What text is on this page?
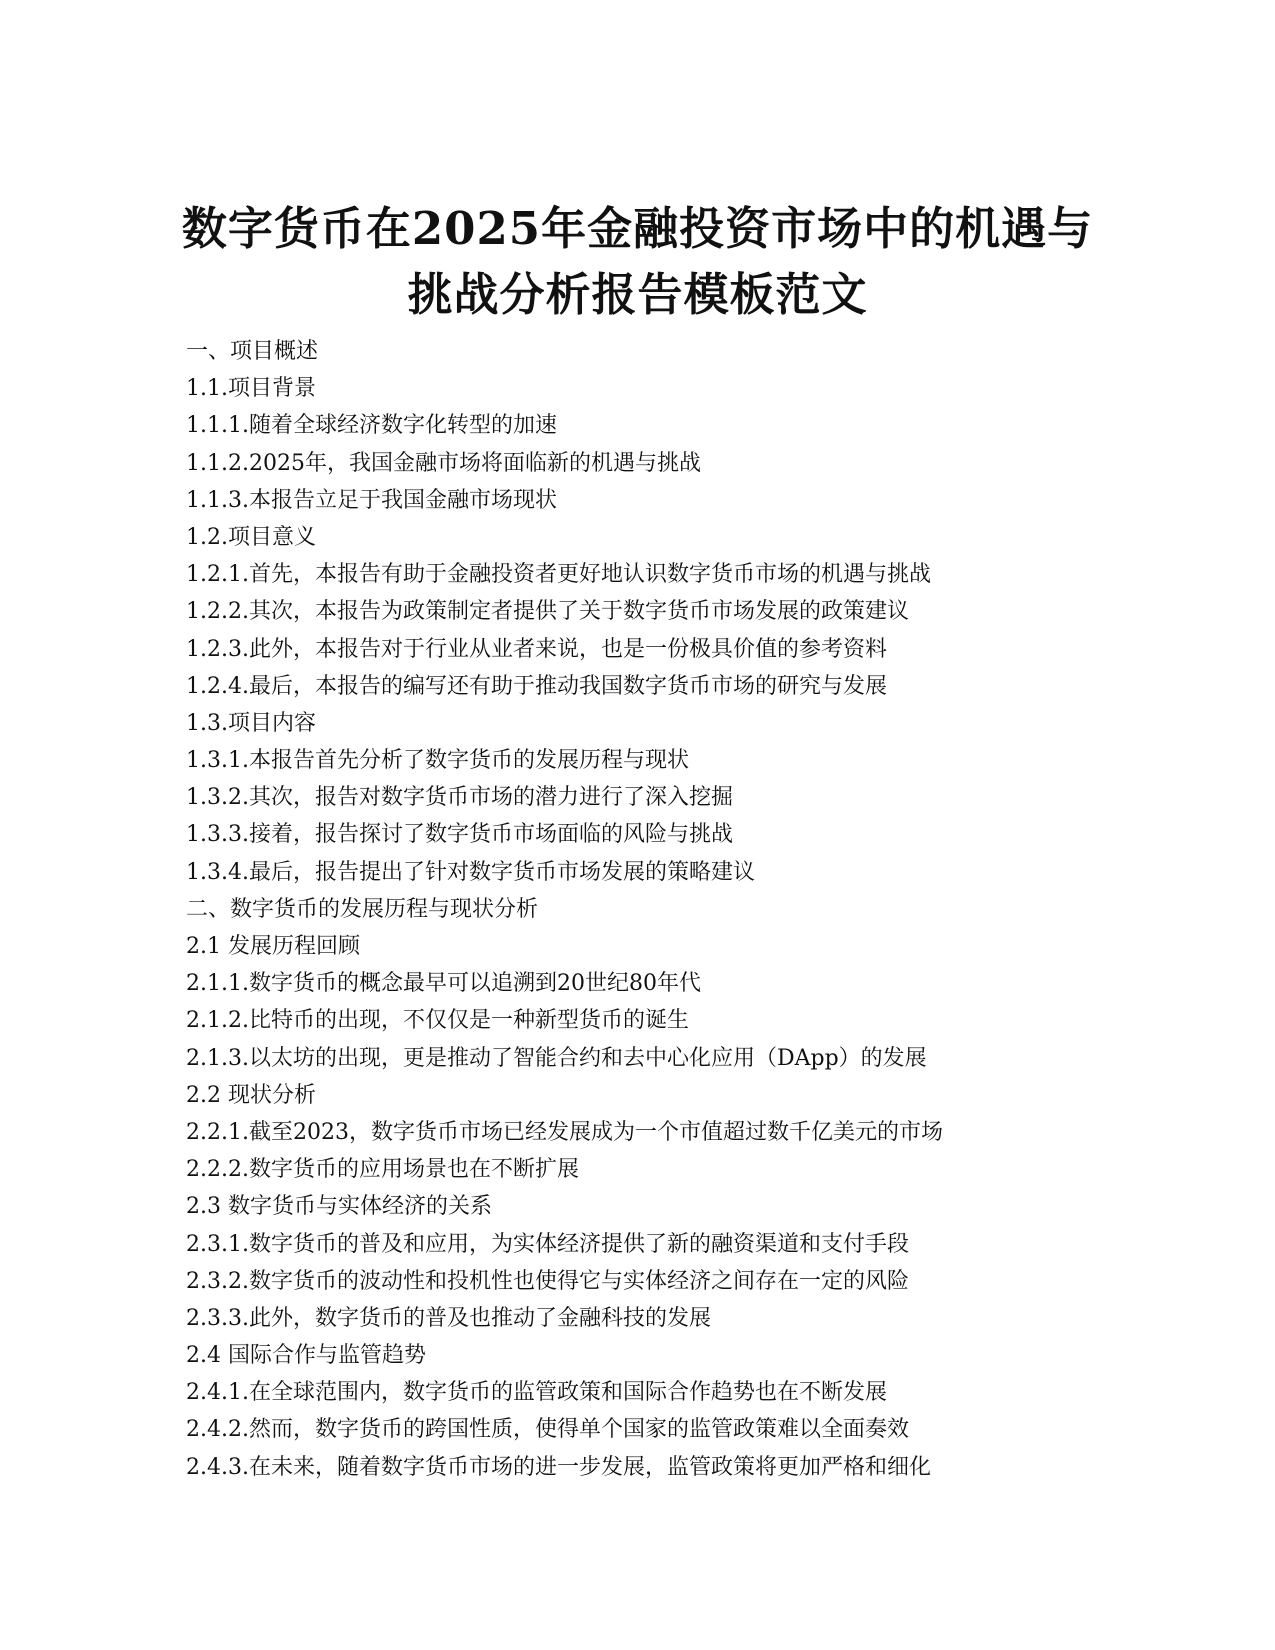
数字货币在2025年金融投资市场中的机遇与
挑战分析报告模板范文
一、项目概述
1.1.项目背景
1.1.1.随着全球经济数字化转型的加速
1.1.2.2025年，我国金融市场将面临新的机遇与挑战
1.1.3.本报告立足于我国金融市场现状
1.2.项目意义
1.2.1.首先，本报告有助于金融投资者更好地认识数字货币市场的机遇与挑战
1.2.2.其次，本报告为政策制定者提供了关于数字货币市场发展的政策建议
1.2.3.此外，本报告对于行业从业者来说，也是一份极具价值的参考资料
1.2.4.最后，本报告的编写还有助于推动我国数字货币市场的研究与发展
1.3.项目内容
1.3.1.本报告首先分析了数字货币的发展历程与现状
1.3.2.其次，报告对数字货币市场的潜力进行了深入挖掘
1.3.3.接着，报告探讨了数字货币市场面临的风险与挑战
1.3.4.最后，报告提出了针对数字货币市场发展的策略建议
二、数字货币的发展历程与现状分析
2.1 发展历程回顾
2.1.1.数字货币的概念最早可以追溯到20世纪80年代
2.1.2.比特币的出现，不仅仅是一种新型货币的诞生
2.1.3.以太坊的出现，更是推动了智能合约和去中心化应用（DApp）的发展
2.2 现状分析
2.2.1.截至2023，数字货币市场已经发展成为一个市值超过数千亿美元的市场
2.2.2.数字货币的应用场景也在不断扩展
2.3 数字货币与实体经济的关系
2.3.1.数字货币的普及和应用，为实体经济提供了新的融资渠道和支付手段
2.3.2.数字货币的波动性和投机性也使得它与实体经济之间存在一定的风险
2.3.3.此外，数字货币的普及也推动了金融科技的发展
2.4 国际合作与监管趋势
2.4.1.在全球范围内，数字货币的监管政策和国际合作趋势也在不断发展
2.4.2.然而，数字货币的跨国性质，使得单个国家的监管政策难以全面奏效
2.4.3.在未来，随着数字货币市场的进一步发展，监管政策将更加严格和细化
